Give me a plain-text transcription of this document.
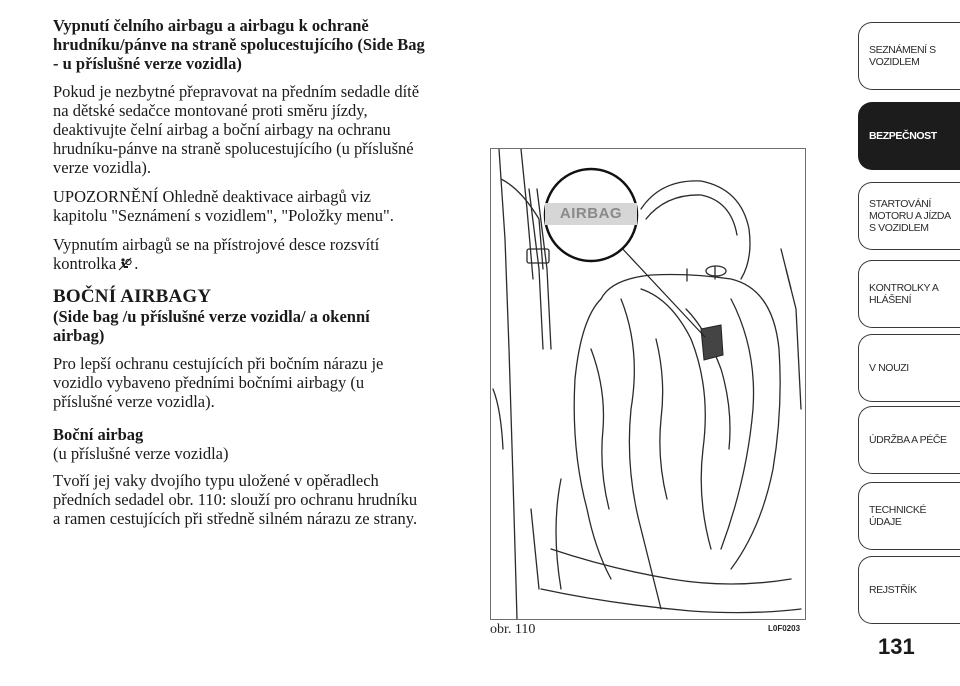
Vypnutí čelního airbagu a airbagu k ochraně hrudníku/pánve na straně spolucestujícího (Side Bag - u příslušné verze vozidla)

Pokud je nezbytné přepravovat na předním sedadle dítě na dětské sedačce montované proti směru jízdy, deaktivujte čelní airbag a boční airbagy na ochranu hrudníku-pánve na straně spolucestujícího (u příslušné verze vozidla).

UPOZORNĚNÍ Ohledně deaktivace airbagů viz kapitolu "Seznámení s vozidlem", "Položky menu".

Vypnutím airbagů se na přístrojové desce rozsvítí kontrolka .

BOČNÍ AIRBAGY

(Side bag /u příslušné verze vozidla/ a okenní airbag)

Pro lepší ochranu cestujících při bočním nárazu je vozidlo vybaveno předními bočními airbagy (u příslušné verze vozidla).

Boční airbag

(u příslušné verze vozidla)

Tvoří jej vaky dvojího typu uložené v opěradlech předních sedadel obr. 110: slouží pro ochranu hrudníku a ramen cestujících při středně silném nárazu ze strany.

AIRBAG
obr. 110	L0F0203
SEZNÁMENÍ S
VOZIDLEM
BEZPEČNOST
STARTOVÁNÍ
MOTORU A JÍZDA
S VOZIDLEM
KONTROLKY A
HLÁŠENÍ
V NOUZI
ÚDRŽBA A PÉČE
TECHNICKÉ
ÚDAJE
REJSTŘÍK
131
